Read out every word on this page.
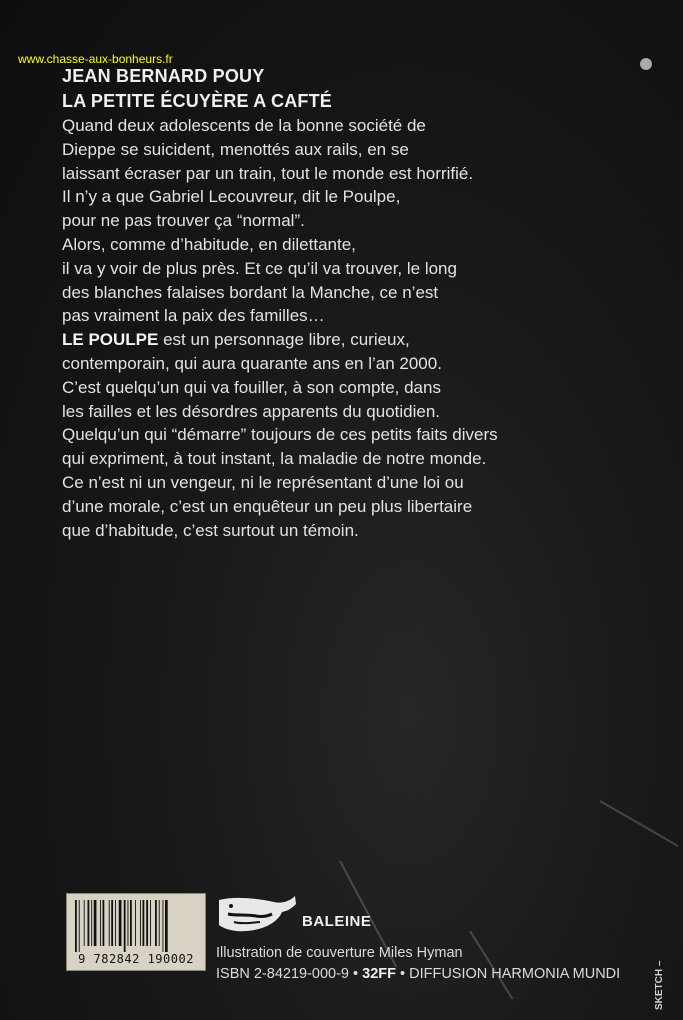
www.chasse-aux-bonheurs.fr
JEAN BERNARD POUY
LA PETITE ÉCUYÈRE A CAFTÉ
Quand deux adolescents de la bonne société de
Dieppe se suicident, menottés aux rails, en se
laissant écraser par un train, tout le monde est horrifié.
Il n’y a que Gabriel Lecouvreur, dit le Poulpe,
pour ne pas trouver ça “normal”.
Alors, comme d’habitude, en dilettante,
il va y voir de plus près. Et ce qu’il va trouver, le long
des blanches falaises bordant la Manche, ce n’est
pas vraiment la paix des familles…
LE POULPE est un personnage libre, curieux,
contemporain, qui aura quarante ans en l’an 2000.
C’est quelqu’un qui va fouiller, à son compte, dans
les failles et les désordres apparents du quotidien.
Quelqu’un qui “démarre” toujours de ces petits faits divers
qui expriment, à tout instant, la maladie de notre monde.
Ce n’est ni un vengeur, ni le représentant d’une loi ou
d’une morale, c’est un enquêteur un peu plus libertaire
que d’habitude, c’est surtout un témoin.
9 782842 190002
BALEINE
Illustration de couverture Miles Hyman
ISBN 2-84219-000-9 • 32FF • DIFFUSION HARMONIA MUNDI	SKETCH –
